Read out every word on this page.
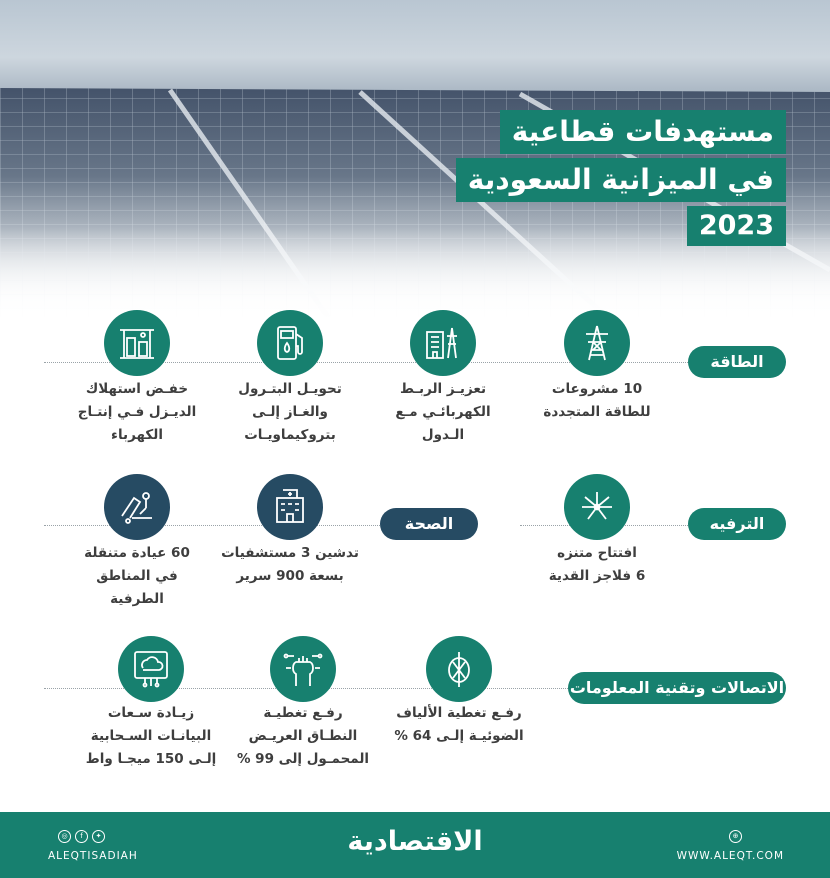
مستهدفات قطاعية
في الميزانية السعودية
2023
الطاقة
10 مشروعات
للطاقة المتجددة
تعزيـز الربـط
الكهربائـي مـع
الـدول
تحويـل البتـرول
والغـاز إلـى
بتروكيماويـات
خفـض استهلاك
الديـزل فـي إنتـاج
الكهرباء
الترفيه
افتتاح متنزه
6 فلاجز القدية
الصحة
تدشين 3 مستشفيات
بسعة 900 سرير
60 عيادة متنقلة
في المناطق
الطرفية
الاتصالات وتقنية المعلومات
رفـع تغطية الألياف
الضوئيـة إلـى 64 %
رفـع تغطيـة
النطـاق العريـض
المحمـول إلى 99 %
زيـادة سـعات
البيانـات السـحابية
إلـى 150 ميجـا واط
◎	f	✦
ALEQTISADIAH	الاقتصادية	⊕
WWW.ALEQT.COM
